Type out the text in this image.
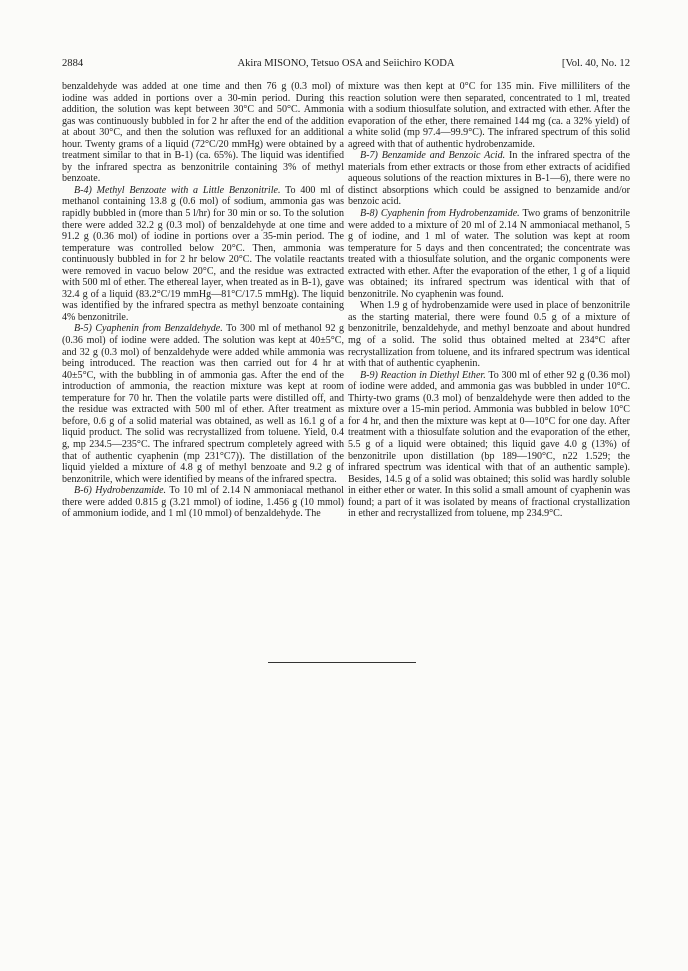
2884	Akira MISONO, Tetsuo OSA and Seiichiro KODA	[Vol. 40, No. 12

benzaldehyde was added at one time and then 76 g (0.3 mol) of iodine was added in portions over a 30-min period. During this addition, the solution was kept between 30°C and 50°C. Ammonia gas was continuously bubbled in for 2 hr after the end of the addition at about 30°C, and then the solution was refluxed for an additional hour. Twenty grams of a liquid (72°C/20 mmHg) were obtained by a treatment similar to that in B-1) (ca. 65%). The liquid was identified by the infrared spectra as benzonitrile containing 3% of methyl benzoate.

B-4) Methyl Benzoate with a Little Benzonitrile. To 400 ml of methanol containing 13.8 g (0.6 mol) of sodium, ammonia gas was rapidly bubbled in (more than 5 l/hr) for 30 min or so. To the solution there were added 32.2 g (0.3 mol) of benzaldehyde at one time and 91.2 g (0.36 mol) of iodine in portions over a 35-min period. The temperature was controlled below 20°C. Then, ammonia was continuously bubbled in for 2 hr below 20°C. The volatile reactants were removed in vacuo below 20°C, and the residue was extracted with 500 ml of ether. The ethereal layer, when treated as in B-1), gave 32.4 g of a liquid (83.2°C/19 mmHg—81°C/17.5 mmHg). The liquid was identified by the infrared spectra as methyl benzoate containing 4% benzonitrile.

B-5) Cyaphenin from Benzaldehyde. To 300 ml of methanol 92 g (0.36 mol) of iodine were added. The solution was kept at 40±5°C, and 32 g (0.3 mol) of benzaldehyde were added while ammonia was being introduced. The reaction was then carried out for 4 hr at 40±5°C, with the bubbling in of ammonia gas. After the end of the introduction of ammonia, the reaction mixture was kept at room temperature for 70 hr. Then the volatile parts were distilled off, and the residue was extracted with 500 ml of ether. After treatment as before, 0.6 g of a solid material was obtained, as well as 16.1 g of a liquid product. The solid was recrystallized from toluene. Yield, 0.4 g, mp 234.5—235°C. The infrared spectrum completely agreed with that of authentic cyaphenin (mp 231°C7)). The distillation of the liquid yielded a mixture of 4.8 g of methyl benzoate and 9.2 g of benzonitrile, which were identified by means of the infrared spectra.

B-6) Hydrobenzamide. To 10 ml of 2.14 N ammoniacal methanol there were added 0.815 g (3.21 mmol) of iodine, 1.456 g (10 mmol) of ammonium iodide, and 1 ml (10 mmol) of benzaldehyde. The

mixture was then kept at 0°C for 135 min. Five milliliters of the reaction solution were then separated, concentrated to 1 ml, treated with a sodium thiosulfate solution, and extracted with ether. After the evaporation of the ether, there remained 144 mg (ca. a 32% yield) of a white solid (mp 97.4—99.9°C). The infrared spectrum of this solid agreed with that of authentic hydrobenzamide.

B-7) Benzamide and Benzoic Acid. In the infrared spectra of the materials from ether extracts or those from ether extracts of acidified aqueous solutions of the reaction mixtures in B-1—6), there were no distinct absorptions which could be assigned to benzamide and/or benzoic acid.

B-8) Cyaphenin from Hydrobenzamide. Two grams of benzonitrile were added to a mixture of 20 ml of 2.14 N ammoniacal methanol, 5 g of iodine, and 1 ml of water. The solution was kept at room temperature for 5 days and then concentrated; the concentrate was treated with a thiosulfate solution, and the organic components were extracted with ether. After the evaporation of the ether, 1 g of a liquid was obtained; its infrared spectrum was identical with that of benzonitrile. No cyaphenin was found.

When 1.9 g of hydrobenzamide were used in place of benzonitrile as the starting material, there were found 0.5 g of a mixture of benzonitrile, benzaldehyde, and methyl benzoate and about hundred mg of a solid. The solid thus obtained melted at 234°C after recrystallization from toluene, and its infrared spectrum was identical with that of authentic cyaphenin.

B-9) Reaction in Diethyl Ether. To 300 ml of ether 92 g (0.36 mol) of iodine were added, and ammonia gas was bubbled in under 10°C. Thirty-two grams (0.3 mol) of benzaldehyde were then added to the mixture over a 15-min period. Ammonia was bubbled in below 10°C for 4 hr, and then the mixture was kept at 0—10°C for one day. After treatment with a thiosulfate solution and the evaporation of the ether, 5.5 g of a liquid were obtained; this liquid gave 4.0 g (13%) of benzonitrile upon distillation (bp 189—190°C, n22 1.529; the infrared spectrum was identical with that of an authentic sample). Besides, 14.5 g of a solid was obtained; this solid was hardly soluble in either ether or water. In this solid a small amount of cyaphenin was found; a part of it was isolated by means of fractional crystallization in ether and recrystallized from toluene, mp 234.9°C.
